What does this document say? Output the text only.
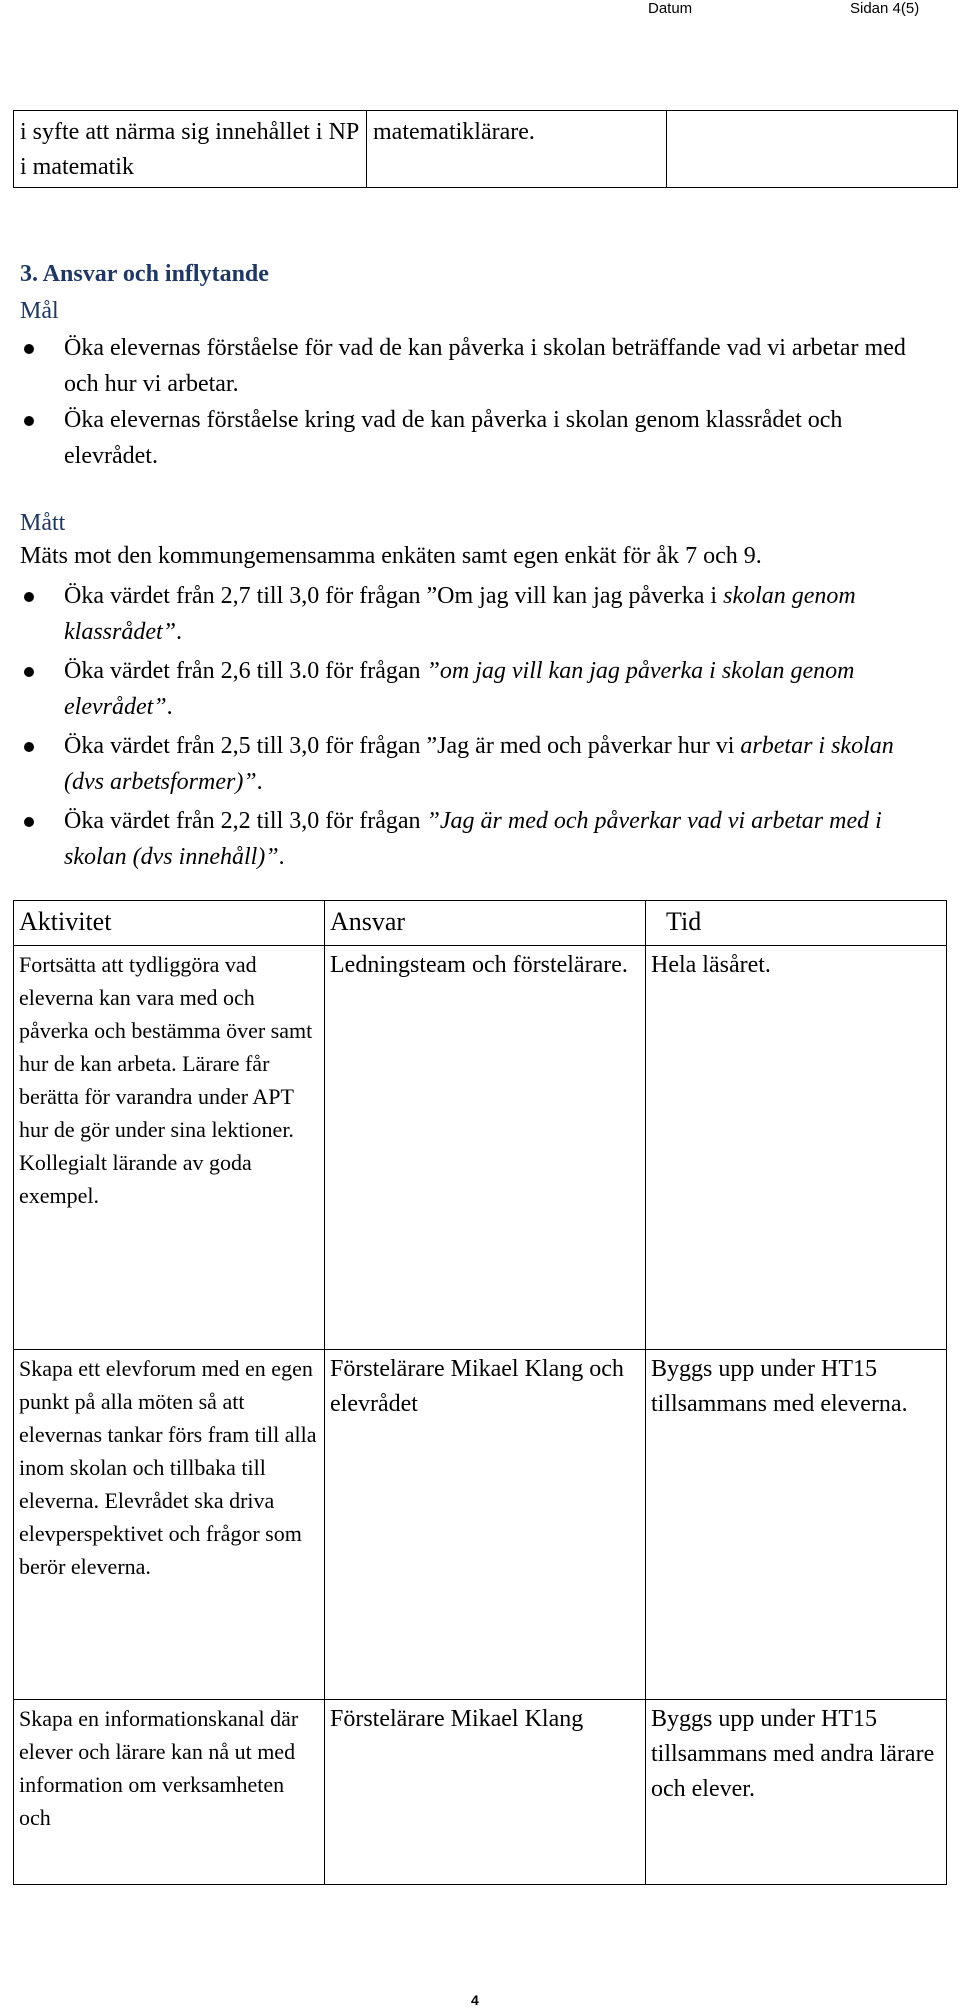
Datum	Sidan 4(5)
i syfte att närma sig innehållet i NP i matematik	matematiklärare.	
3. Ansvar och inflytande
Mål
Öka elevernas förståelse för vad de kan påverka i skolan beträffande vad vi arbetar med och hur vi arbetar.
Öka elevernas förståelse kring vad de kan påverka i skolan genom klassrådet och elevrådet.
Mått
Mäts mot den kommungemensamma enkäten samt egen enkät för åk 7 och 9.
Öka värdet från 2,7 till 3,0 för frågan ”Om jag vill kan jag påverka i skolan genom klassrådet”.
Öka värdet från 2,6 till 3.0 för frågan ”om jag vill kan jag påverka i skolan genom elevrådet”.
Öka värdet från 2,5 till 3,0 för frågan ”Jag är med och påverkar hur vi arbetar i skolan (dvs arbetsformer)”.
Öka värdet från 2,2 till 3,0 för frågan ”Jag är med och påverkar vad vi arbetar med i skolan (dvs innehåll)”.
Aktivitet	Ansvar	Tid
Fortsätta att tydliggöra vad eleverna kan vara med och påverka och bestämma över samt hur de kan arbeta. Lärare får berätta för varandra under APT hur de gör under sina lektioner. Kollegialt lärande av goda exempel.	Ledningsteam och förstelärare.	Hela läsåret.
Skapa ett elevforum med en egen punkt på alla möten så att elevernas tankar förs fram till alla inom skolan och tillbaka till eleverna. Elevrådet ska driva elevperspektivet och frågor som berör eleverna.	Förstelärare Mikael Klang och elevrådet	Byggs upp under HT15 tillsammans med eleverna.
Skapa en informationskanal där elever och lärare kan nå ut med information om verksamheten och	Förstelärare Mikael Klang	Byggs upp under HT15 tillsammans med andra lärare och elever.
4
